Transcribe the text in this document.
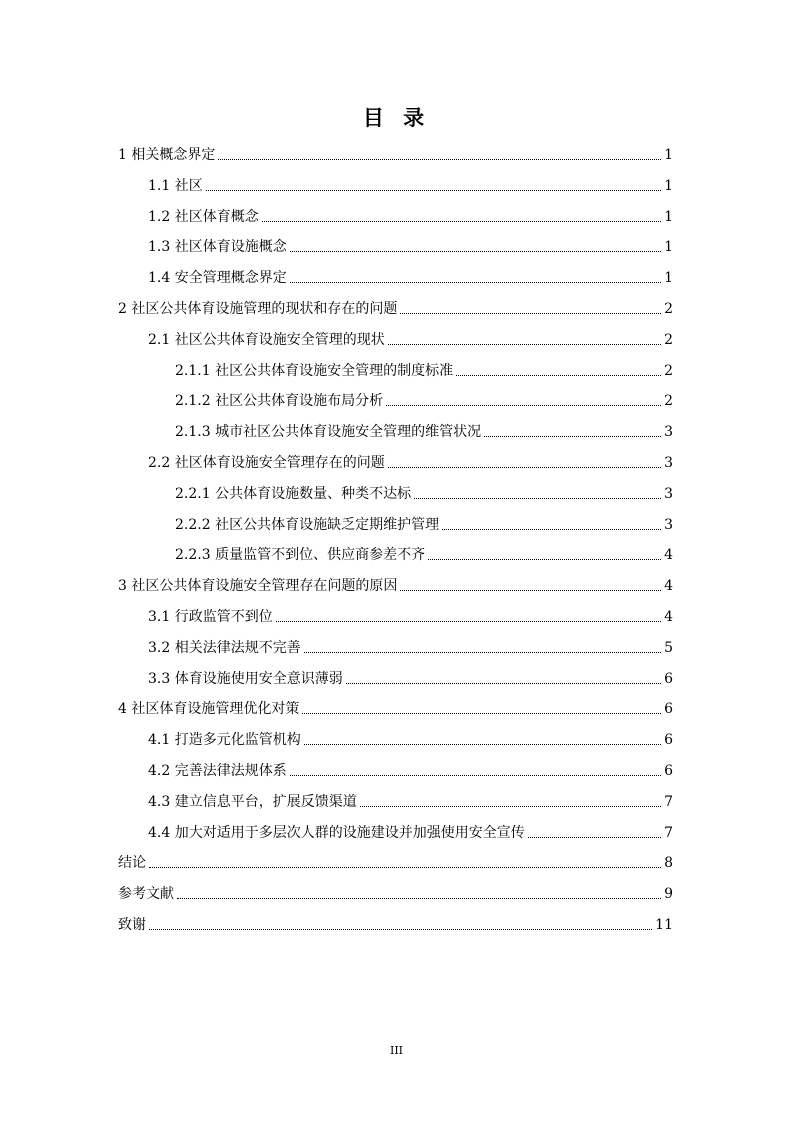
目 录
1 相关概念界定	1
1.1 社区	1
1.2 社区体育概念	1
1.3 社区体育设施概念	1
1.4 安全管理概念界定	1
2 社区公共体育设施管理的现状和存在的问题	2
2.1 社区公共体育设施安全管理的现状	2
2.1.1 社区公共体育设施安全管理的制度标准	2
2.1.2 社区公共体育设施布局分析	2
2.1.3 城市社区公共体育设施安全管理的维管状况	3
2.2 社区体育设施安全管理存在的问题	3
2.2.1 公共体育设施数量、种类不达标	3
2.2.2 社区公共体育设施缺乏定期维护管理	3
2.2.3 质量监管不到位、供应商参差不齐	4
3 社区公共体育设施安全管理存在问题的原因	4
3.1 行政监管不到位	4
3.2 相关法律法规不完善	5
3.3 体育设施使用安全意识薄弱	6
4 社区体育设施管理优化对策	6
4.1 打造多元化监管机构	6
4.2 完善法律法规体系	6
4.3 建立信息平台，扩展反馈渠道	7
4.4 加大对适用于多层次人群的设施建设并加强使用安全宣传	7
结论	8
参考文献	9
致谢	11
III
